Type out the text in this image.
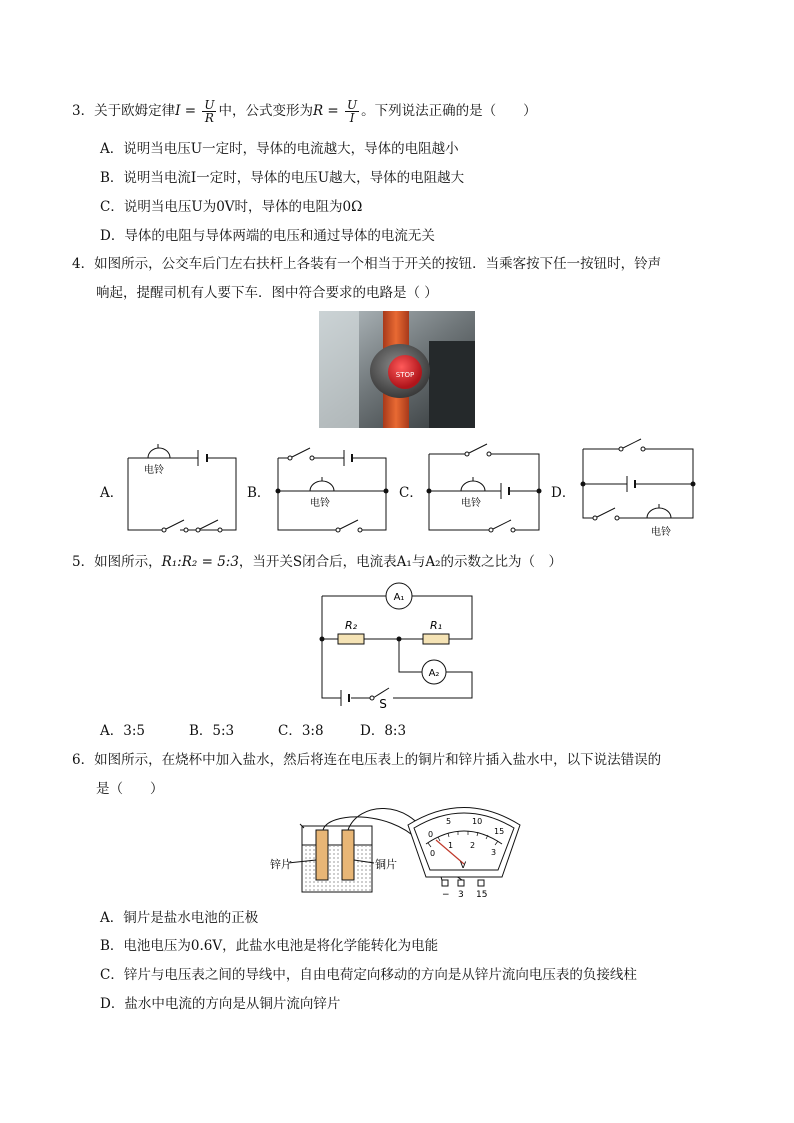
3．关于欧姆定律$I = \frac{U}{R}$ 中，公式变形为$R = \frac{U}{I}$ 。下列说法正确的是（　　）
A．说明当电压U一定时，导体的电流越大，导体的电阻越小
B．说明当电流I一定时，导体的电压U越大，导体的电阻越大
C．说明当电压U为0V时，导体的电阻为0Ω
D．导体的电阻与导体两端的电压和通过导体的电流无关
4．如图所示，公交车后门左右扶杆上各装有一个相当于开关的按钮．当乘客按下任一按钮时，铃声
响起，提醒司机有人要下车．图中符合要求的电路是（ ）
STOP
A．
电铃
B．
电铃
C．
电铃
D．
电铃
5．如图所示，R₁:R₂ = 5:3，当开关S闭合后，电流表A₁与A₂的示数之比为（　）
A₁
A₂
R₂	R₁
S
A．3:5	B．5:3	C．3:8	D．8:3
6．如图所示，在烧杯中加入盐水，然后将连在电压表上的铜片和锌片插入盐水中，以下说法错误的
是（　　）
锌片	铜片
0
5	10
15
0
1 2
3
V
− 3 15
A．铜片是盐水电池的正极
B．电池电压为0.6V，此盐水电池是将化学能转化为电能
C．锌片与电压表之间的导线中，自由电荷定向移动的方向是从锌片流向电压表的负接线柱
D．盐水中电流的方向是从铜片流向锌片
